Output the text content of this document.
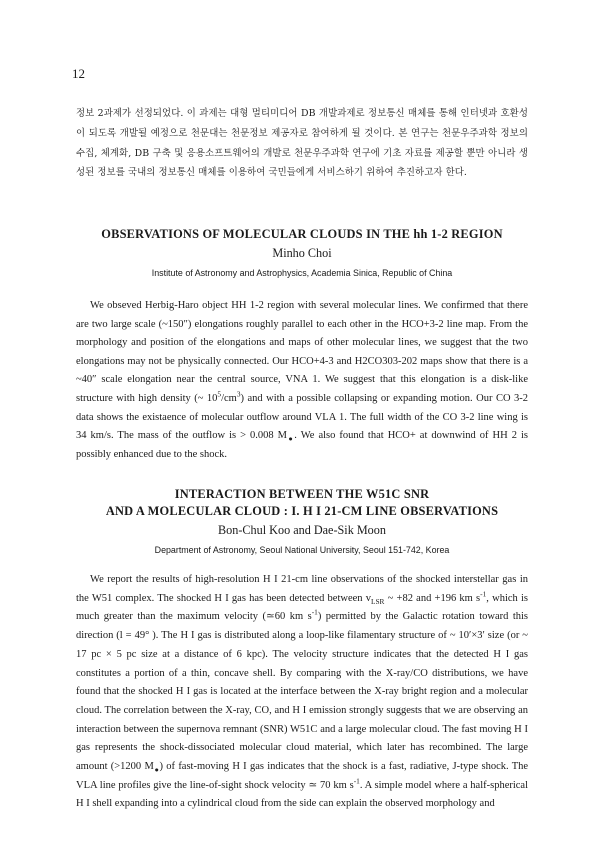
12

정보 2과제가 선정되었다. 이 과제는 대형 멀티미디어 DB 개발과제로 정보통신 매체를 통해 인터넷과 호환성이 되도록 개발될 예정으로 천문대는 천문정보 제공자로 참여하게 될 것이다. 본 연구는 천문우주과학 정보의 수집, 체계화, DB 구축 및 응용소프트웨어의 개발로 천문우주과학 연구에 기초 자료를 제공할 뿐만 아니라 생성된 정보를 국내의 정보통신 매체를 이용하여 국민들에게 서비스하기 위하여 추진하고자 한다.

OBSERVATIONS OF MOLECULAR CLOUDS IN THE hh 1-2 REGION
Minho Choi
Institute of Astronomy and Astrophysics, Academia Sinica, Republic of China

We obseved Herbig-Haro object HH 1-2 region with several molecular lines. We confirmed that there are two large scale (~150″) elongations roughly parallel to each other in the HCO+3-2 line map. From the morphology and position of the elongations and maps of other molecular lines, we suggest that the two elongations may not be physically connected. Our HCO+4-3 and H2CO303-202 maps show that there is a ~40″ scale elongation near the central source, VNA 1. We suggest that this elongation is a disk-like structure with high density (~ $10^5/cm^3$) and with a possible collapsing or expanding motion. Our CO 3-2 data shows the existaence of molecular outflow around VLA 1. The full width of the CO 3-2 line wing is 34 km/s. The mass of the outflow is > 0.008 $M_●$. We also found that HCO+ at downwind of HH 2 is possibly enhanced due to the shock.

INTERACTION BETWEEN THE W51C SNR
AND A MOLECULAR CLOUD : I. H I 21-CM LINE OBSERVATIONS
Bon-Chul Koo and Dae-Sik Moon
Department of Astronomy, Seoul National University, Seoul 151-742, Korea

We report the results of high-resolution H I 21-cm line observations of the shocked interstellar gas in the W51 complex. The shocked H I gas has been detected between $v_{LSR}$ ~ +82 and +196 km $s^{-1}$, which is much greater than the maximum velocity (≃60 km $s^{-1}$) permitted by the Galactic rotation toward this direction (l = 49° ). The H I gas is distributed along a loop-like filamentary structure of ~ 10′×3′ size (or ~ 17 pc × 5 pc size at a distance of 6 kpc). The velocity structure indicates that the detected H I gas constitutes a portion of a thin, concave shell. By comparing with the X-ray/CO distributions, we have found that the shocked H I gas is located at the interface between the X-ray bright region and a molecular cloud. The correlation between the X-ray, CO, and H I emission strongly suggests that we are observing an interaction between the supernova remnant (SNR) W51C and a large molecular cloud. The fast moving H I gas represents the shock-dissociated molecular cloud material, which later has recombined. The large amount (>1200 $M_●$) of fast-moving H I gas indicates that the shock is a fast, radiative, J-type shock. The VLA line profiles give the line-of-sight shock velocity ≃ 70 km $s^{-1}$. A simple model where a half-spherical H I shell expanding into a cylindrical cloud from the side can explain the observed morphology and
